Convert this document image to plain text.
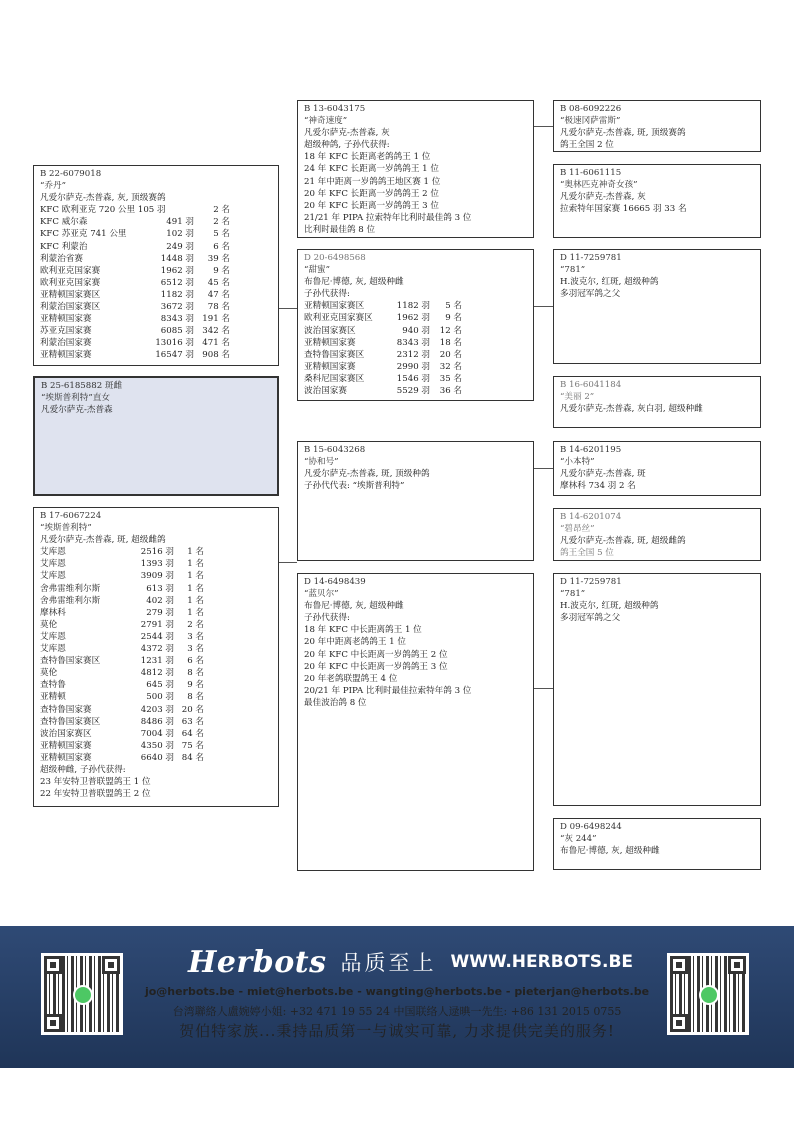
B 22-6079018
“乔丹”
凡爱尔萨克-杰普森, 灰, 顶级赛鸽
KFC 欧利亚克 720 公里 105 羽	2 名
KFC 威尔森	491 羽	2 名
KFC 苏亚克 741 公里	102 羽	5 名
KFC 利蒙治	249 羽	6 名
利蒙治省赛	1448 羽	39 名
欧利亚克国家赛	1962 羽	9 名
欧利亚克国家赛	6512 羽	45 名
亚精顿国家赛区	1182 羽	47 名
利蒙治国家赛区	3672 羽	78 名
亚精顿国家赛	8343 羽 191 名
苏亚克国家赛	6085 羽 342 名
利蒙治国家赛	13016 羽 471 名
亚精顿国家赛	16547 羽 908 名
B 25-6185882 斑雌
“埃斯普利特”直女
凡爱尔萨克-杰普森
B 17-6067224
“埃斯普利特”
凡爱尔萨克-杰普森, 斑, 超级雌鸽
艾库恩	2516 羽	1 名
艾库恩	1393 羽	1 名
艾库恩	3909 羽	1 名
舍弗雷维利尔斯	613 羽	1 名
舍弗雷维利尔斯	402 羽	1 名
摩林科	279 羽	1 名
莫伦	2791 羽	2 名
艾库恩	2544 羽	3 名
艾库恩	4372 羽	3 名
查特鲁国家赛区	1231 羽	6 名
莫伦	4812 羽	8 名
查特鲁	645 羽	9 名
亚精顿	500 羽	8 名
查特鲁国家赛	4203 羽 20 名
查特鲁国家赛区	8486 羽 63 名
波治国家赛区	7004 羽 64 名
亚精顿国家赛	4350 羽 75 名
亚精顿国家赛	6640 羽 84 名
超级种雌, 子孙代获得:
23 年安特卫普联盟鸽王 1 位
22 年安特卫普联盟鸽王 2 位
B 13-6043175
“神奇速度”
凡爱尔萨克-杰普森, 灰
超级种鸽, 子孙代获得:
18 年 KFC 长距离老鸽鸽王 1 位
24 年 KFC 长距离一岁鸽鸽王 1 位
21 年中距离一岁鸽鸽王地区赛 1 位
20 年 KFC 长距离一岁鸽鸽王 2 位
20 年 KFC 长距离一岁鸽鸽王 3 位
21/21 年 PIPA 拉索特年比利时最佳鸽 3 位
比利时最佳鸽 8 位
D 20-6498568
“甜蜜”
布鲁尼·博德, 灰, 超级种雌
子孙代获得:
亚精顿国家赛区	1182 羽	5 名
欧利亚克国家赛区	1962 羽	9 名
波治国家赛区	940 羽	12 名
亚精顿国家赛	8343 羽	18 名
查特鲁国家赛区	2312 羽	20 名
亚精顿国家赛	2990 羽	32 名
桑科尼国家赛区	1546 羽	35 名
波治国家赛	5529 羽	36 名
B 15-6043268
“协和号”
凡爱尔萨克-杰普森, 斑, 顶级种鸽
子孙代代表: “埃斯普利特”
D 14-6498439
“蓝贝尔”
布鲁尼·博德, 灰, 超级种雌
子孙代获得:
18 年 KFC 中长距离鸽王 1 位
20 年中距离老鸽鸽王 1 位
20 年 KFC 中长距离一岁鸽鸽王 2 位
20 年 KFC 中长距离一岁鸽鸽王 3 位
20 年老鸽联盟鸽王 4 位
20/21 年 PIPA 比利时最佳拉索特年鸽 3 位
最佳波治鸽 8 位
B 08-6092226
“极速冈萨雷斯”
凡爱尔萨克-杰普森, 斑, 顶级赛鸽
鸽王全国 2 位
B 11-6061115
“奥林匹克神奇女孩”
凡爱尔萨克-杰普森, 灰
拉索特年国家赛 16665 羽 33 名
D 11-7259781
“781”
H.波克尔, 红斑, 超级种鸽
多羽冠军鸽之父
B 16-6041184
“美丽 2”
凡爱尔萨克-杰普森, 灰白羽, 超级种雌
B 14-6201195
“小本特”
凡爱尔萨克-杰普森, 斑
摩林科 734 羽 2 名
B 14-6201074
“碧昂丝”
凡爱尔萨克-杰普森, 斑, 超级雌鸽
鸽王全国 5 位
D 11-7259781
“781”
H.波克尔, 红斑, 超级种鸽
多羽冠军鸽之父
D 09-6498244
“灰 244”
布鲁尼·博德, 灰, 超级种雌
Herbots 品质至上 WWW.HERBOTS.BE
jo@herbots.be - miet@herbots.be - wangting@herbots.be - pieterjan@herbots.be
台湾聯絡人盧婉婷小姐: +32 471 19 55 24 中国联络人逯晪一先生: +86 131 2015 0755
贺伯特家族...秉持品质第一与诚实可靠, 力求提供完美的服务!
